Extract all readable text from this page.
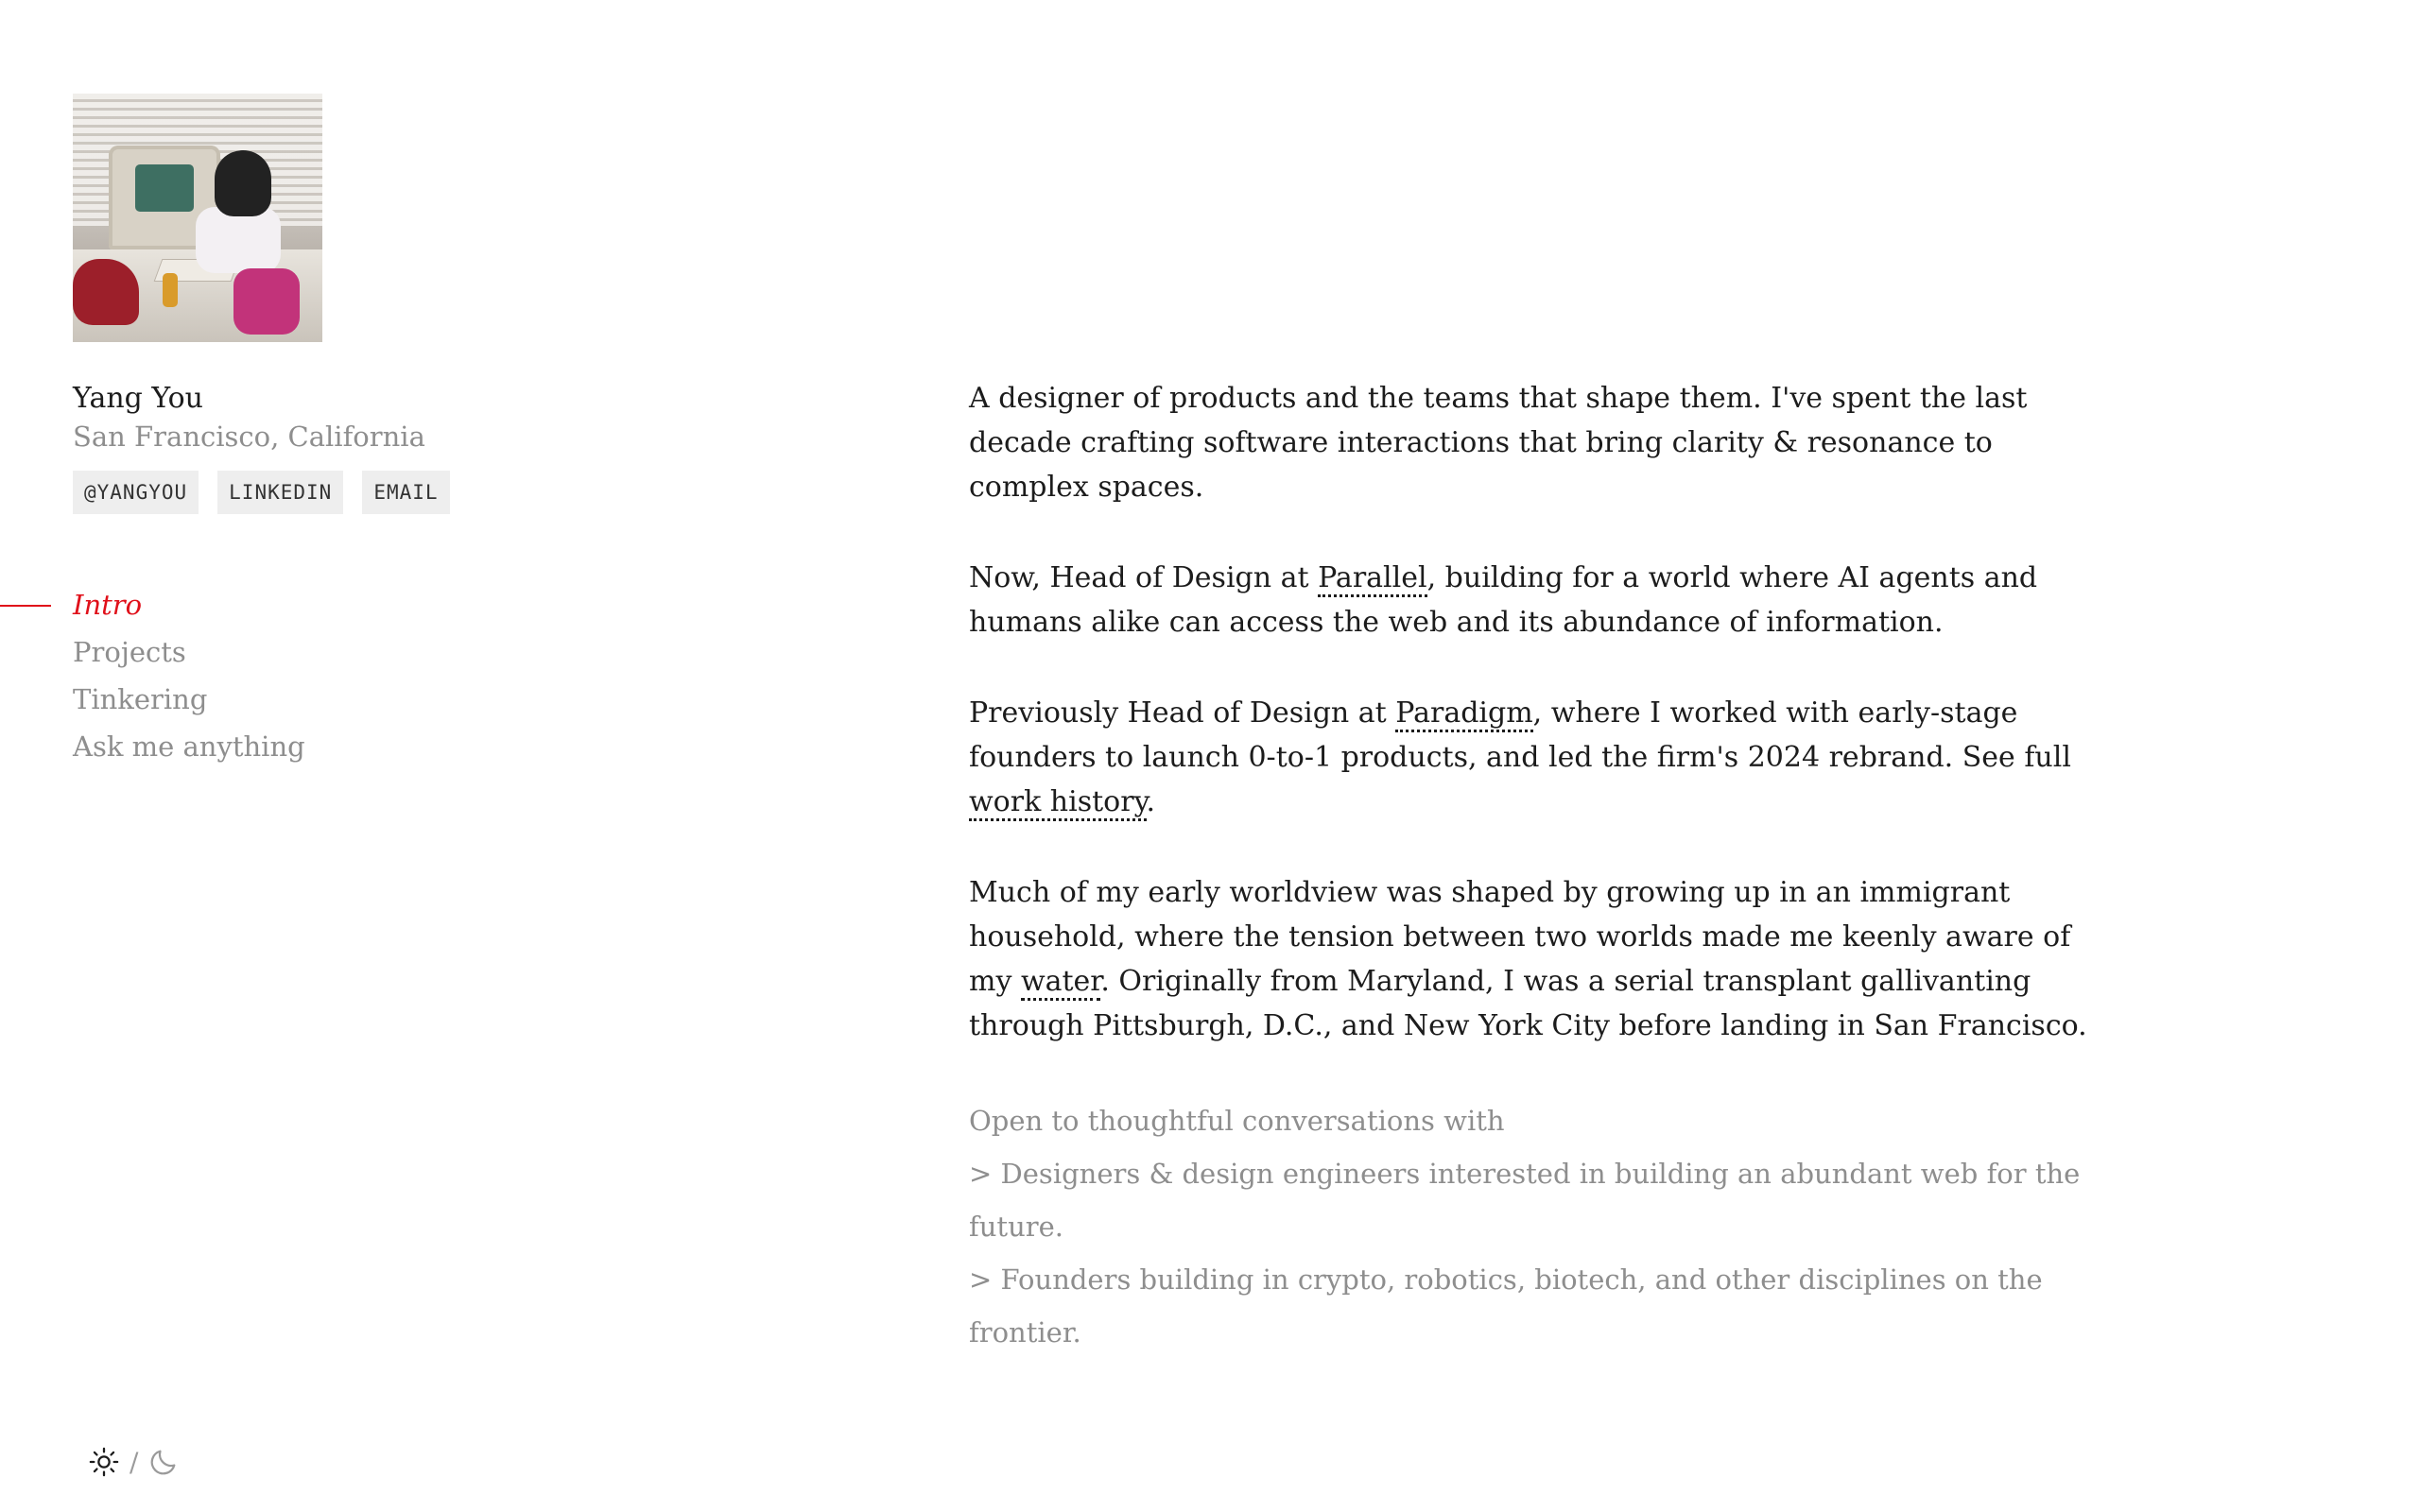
Yang You
San Francisco, California
@YANGYOU	LINKEDIN	EMAIL
Intro
Projects
Tinkering
Ask me anything

A designer of products and the teams that shape them. I've spent the last decade crafting software interactions that bring clarity & resonance to complex spaces.

Now, Head of Design at Parallel, building for a world where AI agents and humans alike can access the web and its abundance of information.

Previously Head of Design at Paradigm, where I worked with early-stage founders to launch 0-to-1 products, and led the firm's 2024 rebrand. See full work history.

Much of my early worldview was shaped by growing up in an immigrant household, where the tension between two worlds made me keenly aware of my water. Originally from Maryland, I was a serial transplant gallivanting through Pittsburgh, D.C., and New York City before landing in San Francisco.

Open to thoughtful conversations with
> Designers & design engineers interested in building an abundant web for the future.
> Founders building in crypto, robotics, biotech, and other disciplines on the frontier.
/
